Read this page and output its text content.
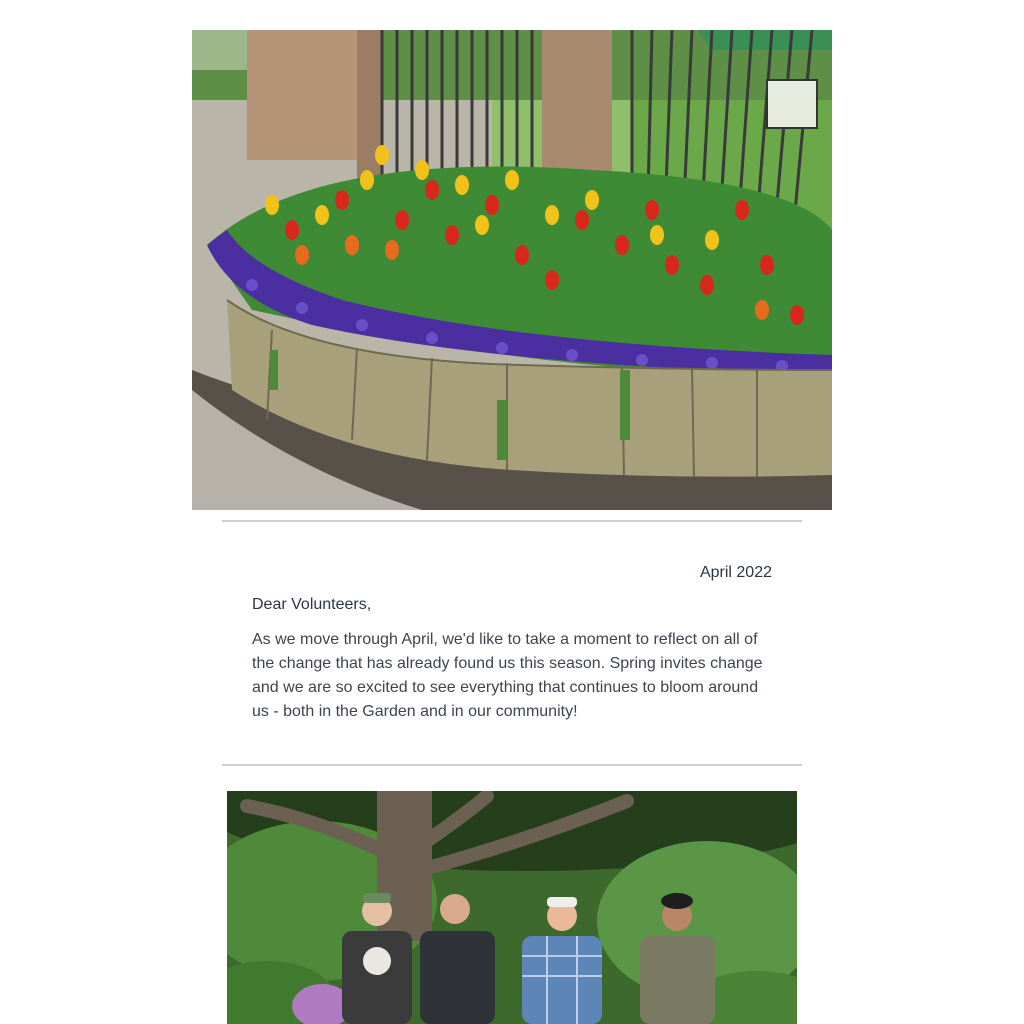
April 2022
Dear Volunteers,

As we move through April, we'd like to take a moment to reflect on all of the change that has already found us this season. Spring invites change and we are so excited to see everything that continues to bloom around us - both in the Garden and in our community!
